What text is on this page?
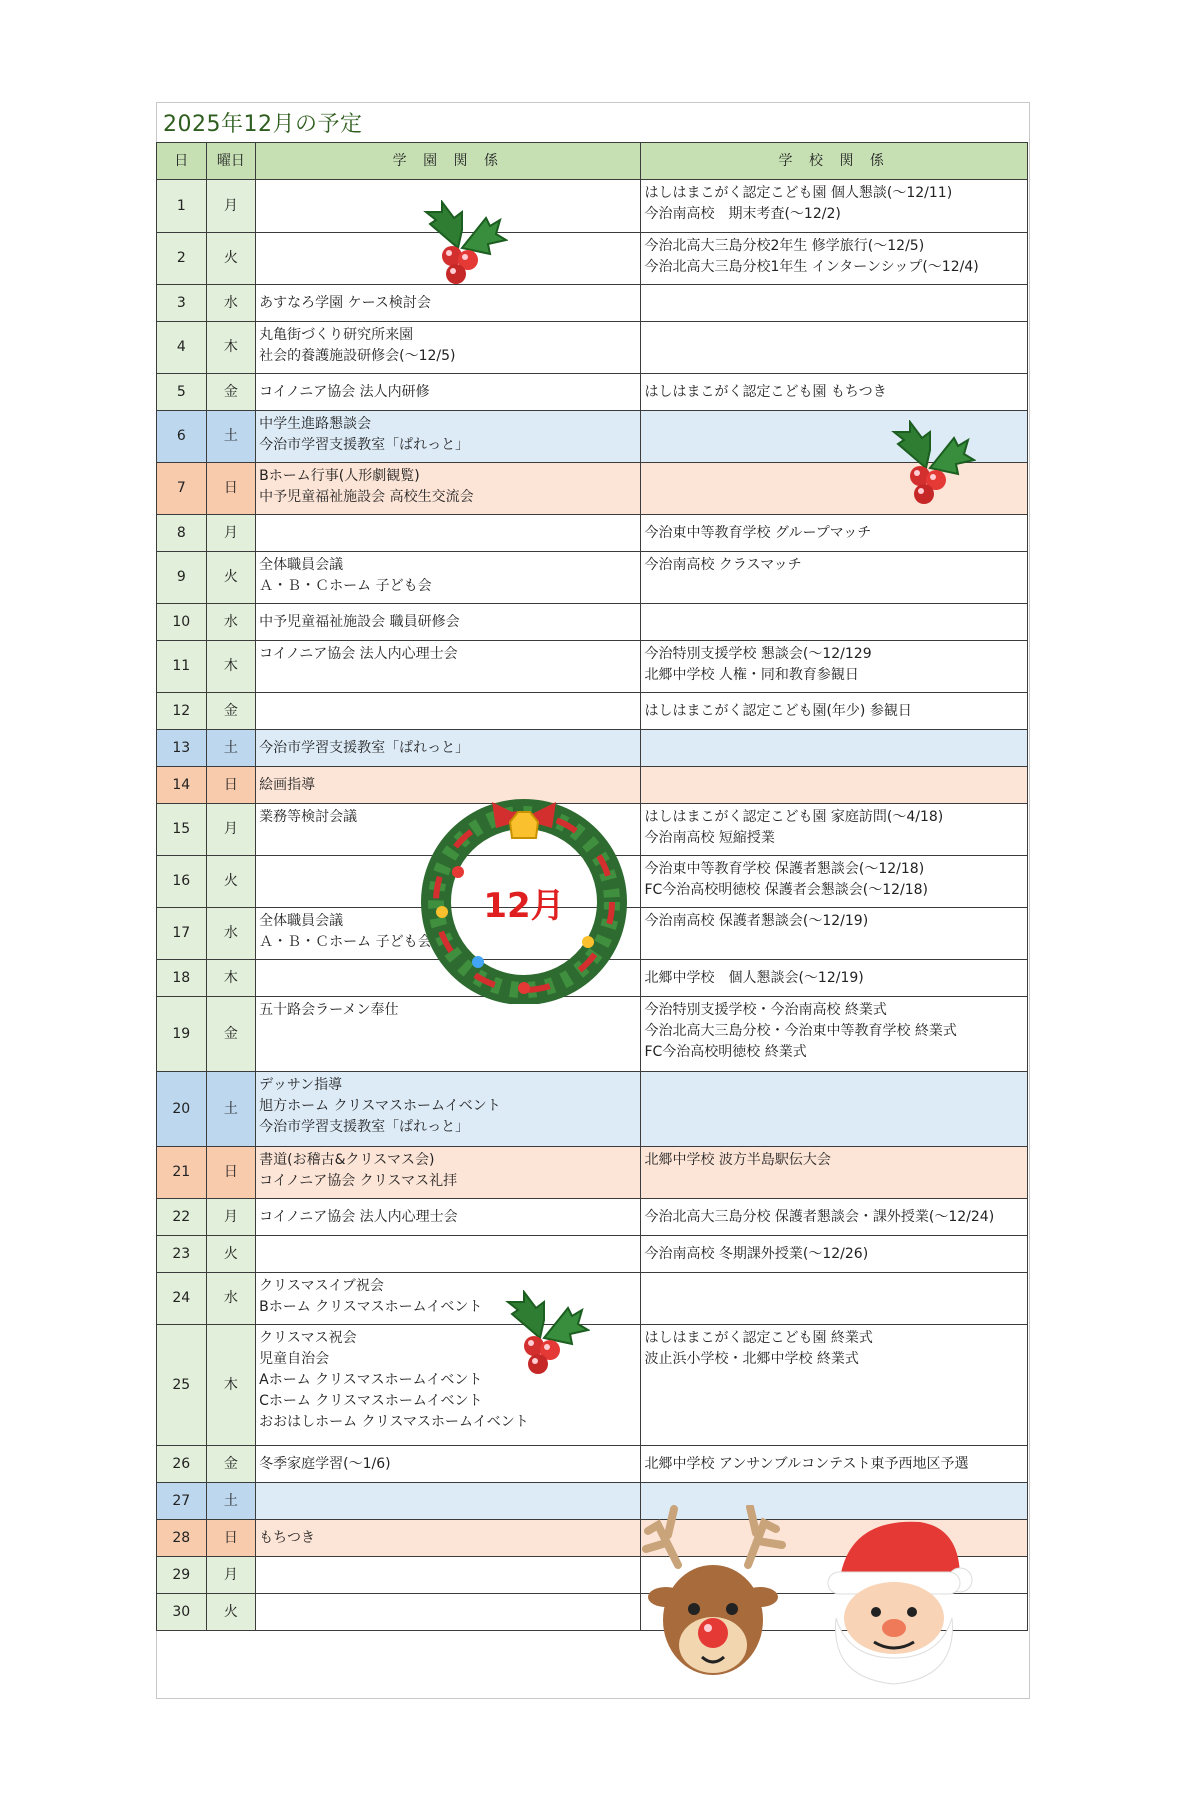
2025年12月の予定
日	曜日	学 園 関 係	学 校 関 係
1	月		はしはまこがく認定こども園 個人懇談(～12/11)
今治南高校　期末考査(～12/2)

2	火		今治北高大三島分校2年生 修学旅行(～12/5)
今治北高大三島分校1年生 インターンシップ(～12/4)

3	水	あすなろ学園 ケース検討会	

4	木	丸亀街づくり研究所来園
社会的養護施設研修会(～12/5)	

5	金	コイノニア協会 法人内研修	はしはまこがく認定こども園 もちつき

6	土	中学生進路懇談会
今治市学習支援教室「ぱれっと」	

7	日	Bホーム行事(人形劇観覧)
中予児童福祉施設会 高校生交流会	

8	月		今治東中等教育学校 グループマッチ

9	火	全体職員会議
Ａ・Ｂ・Ｃホーム 子ども会	今治南高校 クラスマッチ

10	水	中予児童福祉施設会 職員研修会	

11	木	コイノニア協会 法人内心理士会	今治特別支援学校 懇談会(～12/129
北郷中学校 人権・同和教育参観日

12	金		はしはまこがく認定こども園(年少) 参観日

13	土	今治市学習支援教室「ぱれっと」	

14	日	絵画指導	

15	月	業務等検討会議	はしはまこがく認定こども園 家庭訪問(～4/18)
今治南高校 短縮授業

16	火		今治東中等教育学校 保護者懇談会(～12/18)
FC今治高校明徳校 保護者会懇談会(～12/18)

17	水	全体職員会議
Ａ・Ｂ・Ｃホーム 子ども会	今治南高校 保護者懇談会(～12/19)

18	木		北郷中学校　個人懇談会(～12/19)

19	金	五十路会ラーメン奉仕	今治特別支援学校・今治南高校 終業式
今治北高大三島分校・今治東中等教育学校 終業式
FC今治高校明徳校 終業式

20	土	デッサン指導
旭方ホーム クリスマスホームイベント
今治市学習支援教室「ぱれっと」	

21	日	書道(お稽古&クリスマス会)
コイノニア協会 クリスマス礼拝	北郷中学校 波方半島駅伝大会

22	月	コイノニア協会 法人内心理士会	今治北高大三島分校 保護者懇談会・課外授業(～12/24)

23	火		今治南高校 冬期課外授業(～12/26)

24	水	クリスマスイブ祝会
Bホーム クリスマスホームイベント	

25	木	クリスマス祝会
児童自治会
Aホーム クリスマスホームイベント
Cホーム クリスマスホームイベント
おおはしホーム クリスマスホームイベント	はしはまこがく認定こども園 終業式
波止浜小学校・北郷中学校 終業式

26	金	冬季家庭学習(～1/6)	北郷中学校 アンサンブルコンテスト東予西地区予選

27	土		
28	日	もちつき	

29	月		
30	火		
12月
